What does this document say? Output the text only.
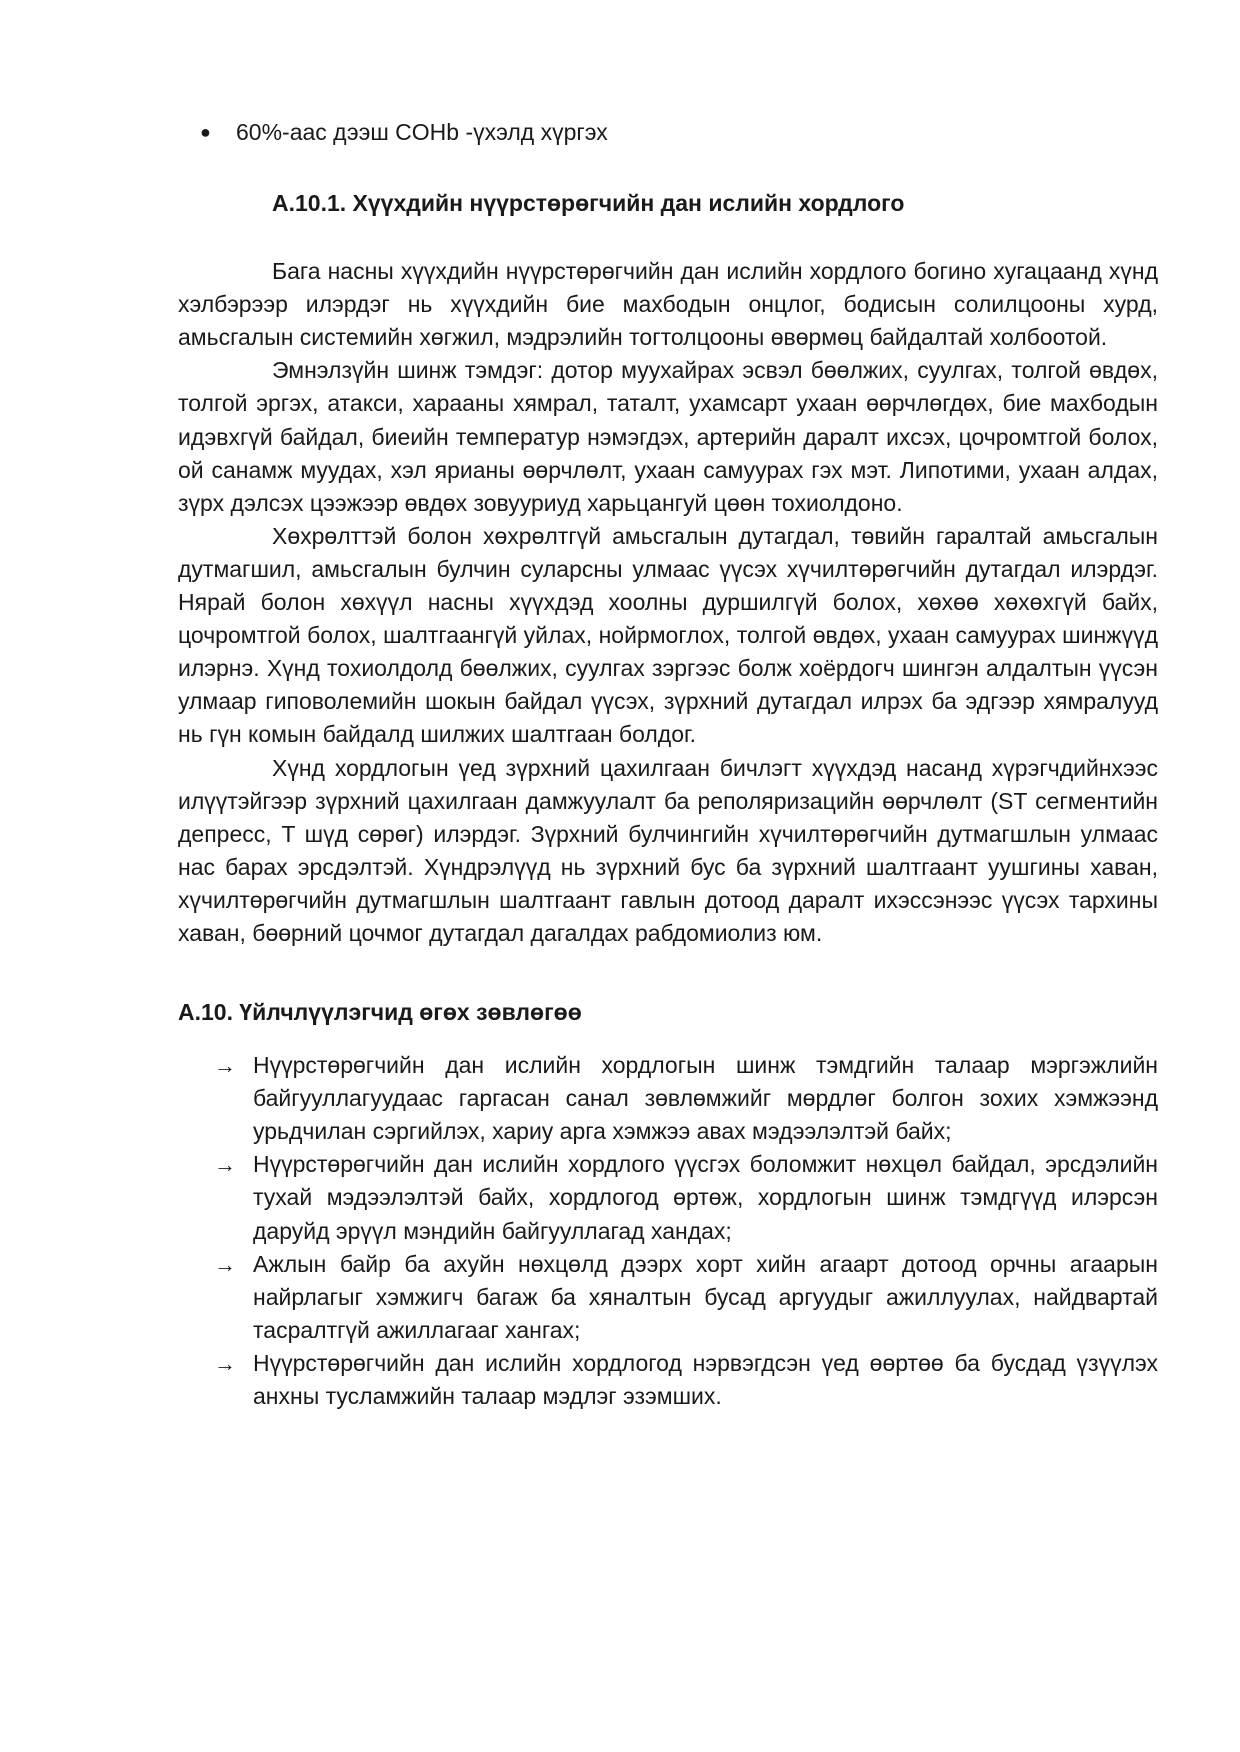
● 60%-аас дээш COHb -үхэлд хүргэх

А.10.1. Хүүхдийн нүүрстөрөгчийн дан ислийн хордлого

Бага насны хүүхдийн нүүрстөрөгчийн дан ислийн хордлого богино хугацаанд хүнд хэлбэрээр илэрдэг нь хүүхдийн бие махбодын онцлог, бодисын солилцооны хурд, амьсгалын системийн хөгжил, мэдрэлийн тогтолцооны өвөрмөц байдалтай холбоотой.

Эмнэлзүйн шинж тэмдэг: дотор муухайрах эсвэл бөөлжих, суулгах, толгой өвдөх, толгой эргэх, атакси, харааны хямрал, таталт, ухамсарт ухаан өөрчлөгдөх, бие махбодын идэвхгүй байдал, биеийн температур нэмэгдэх, артерийн даралт ихсэх, цочромтгой болох, ой санамж муудах, хэл ярианы өөрчлөлт, ухаан самуурах гэх мэт. Липотими, ухаан алдах, зүрх дэлсэх цээжээр өвдөх зовууриуд харьцангуй цөөн тохиолдоно.

Хөхрөлттэй болон хөхрөлтгүй амьсгалын дутагдал, төвийн гаралтай амьсгалын дутмагшил, амьсгалын булчин суларсны улмаас үүсэх хүчилтөрөгчийн дутагдал илэрдэг. Нярай болон хөхүүл насны хүүхдэд хоолны дуршилгүй болох, хөхөө хөхөхгүй байх, цочромтгой болох, шалтгаангүй уйлах, нойрмоглох, толгой өвдөх, ухаан самуурах шинжүүд илэрнэ. Хүнд тохиолдолд бөөлжих, суулгах зэргээс болж хоёрдогч шингэн алдалтын үүсэн улмаар гиповолемийн шокын байдал үүсэх, зүрхний дутагдал илрэх ба эдгээр хямралууд нь гүн комын байдалд шилжих шалтгаан болдог.

Хүнд хордлогын үед зүрхний цахилгаан бичлэгт хүүхдэд насанд хүрэгчдийнхээс илүүтэйгээр зүрхний цахилгаан дамжуулалт ба реполяризацийн өөрчлөлт (ST сегментийн депресс, T шүд сөрөг) илэрдэг. Зүрхний булчингийн хүчилтөрөгчийн дутмагшлын улмаас нас барах эрсдэлтэй. Хүндрэлүүд нь зүрхний бус ба зүрхний шалтгаант уушгины хаван, хүчилтөрөгчийн дутмагшлын шалтгаант гавлын дотоод даралт ихэссэнээс үүсэх тархины хаван, бөөрний цочмог дутагдал дагалдах рабдомиолиз юм.

А.10. Үйлчлүүлэгчид өгөх зөвлөгөө
→ Нүүрстөрөгчийн дан ислийн хордлогын шинж тэмдгийн талаар мэргэжлийн байгууллагуудаас гаргасан санал зөвлөмжийг мөрдлөг болгон зохих хэмжээнд урьдчилан сэргийлэх, хариу арга хэмжээ авах мэдээлэлтэй байх;
→ Нүүрстөрөгчийн дан ислийн хордлого үүсгэх боломжит нөхцөл байдал, эрсдэлийн тухай мэдээлэлтэй байх, хордлогод өртөж, хордлогын шинж тэмдгүүд илэрсэн даруйд эрүүл мэндийн байгууллагад хандах;
→ Ажлын байр ба ахуйн нөхцөлд дээрх хорт хийн агаарт дотоод орчны агаарын найрлагыг хэмжигч багаж ба хяналтын бусад аргуудыг ажиллуулах, найдвартай тасралтгүй ажиллагааг хангах;
→ Нүүрстөрөгчийн дан ислийн хордлогод нэрвэгдсэн үед өөртөө ба бусдад үзүүлэх анхны тусламжийн талаар мэдлэг эзэмших.
